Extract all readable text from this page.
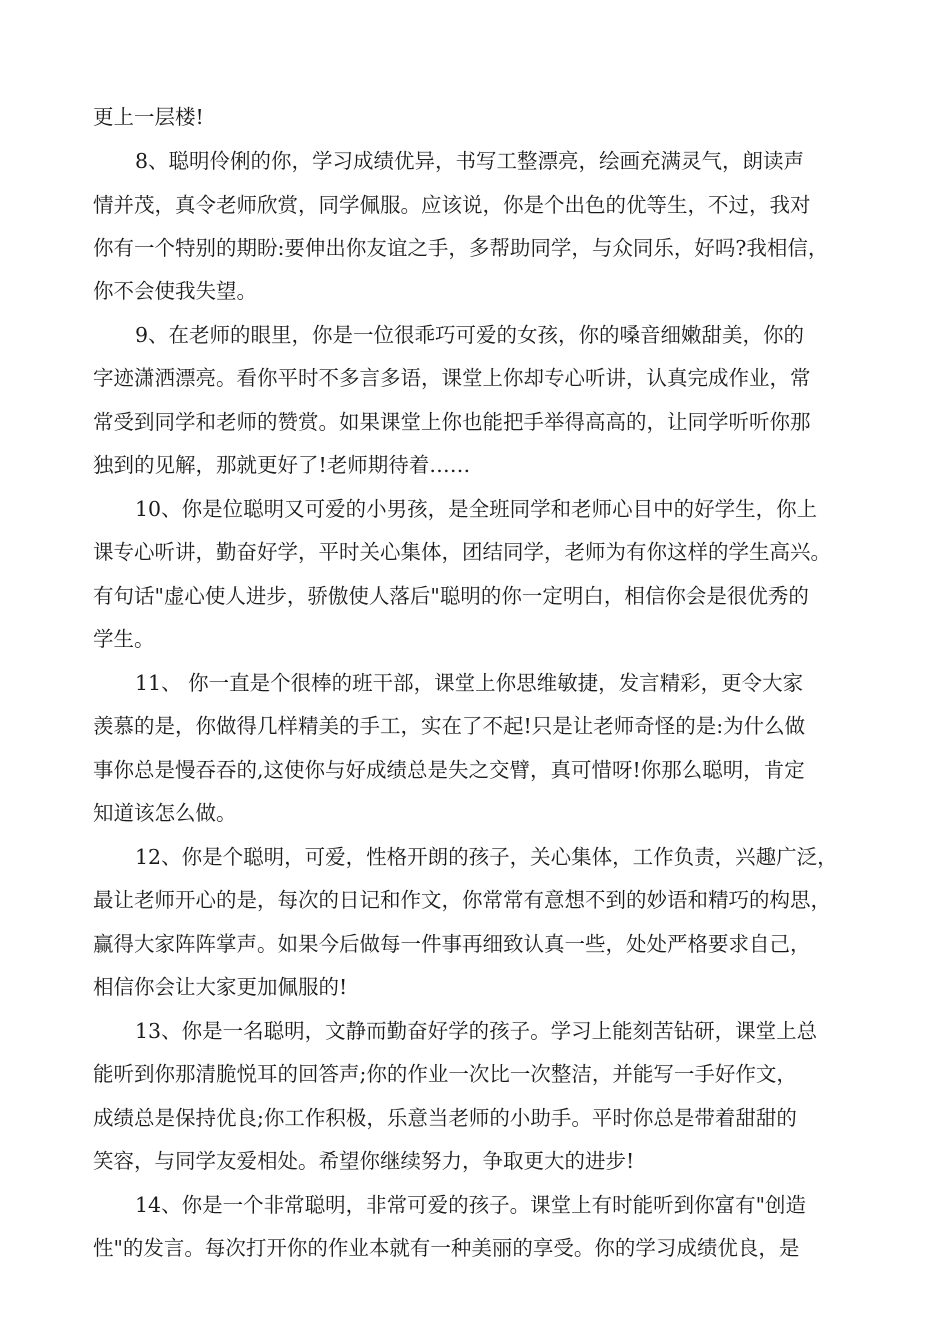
更上一层楼!
8、聪明伶俐的你，学习成绩优异，书写工整漂亮，绘画充满灵气，朗读声
情并茂，真令老师欣赏，同学佩服。应该说，你是个出色的优等生，不过，我对
你有一个特别的期盼:要伸出你友谊之手，多帮助同学，与众同乐，好吗?我相信，
你不会使我失望。
9、在老师的眼里，你是一位很乖巧可爱的女孩，你的嗓音细嫩甜美，你的
字迹潇洒漂亮。看你平时不多言多语，课堂上你却专心听讲，认真完成作业，常
常受到同学和老师的赞赏。如果课堂上你也能把手举得高高的，让同学听听你那
独到的见解，那就更好了!老师期待着……
10、你是位聪明又可爱的小男孩，是全班同学和老师心目中的好学生，你上
课专心听讲，勤奋好学，平时关心集体，团结同学，老师为有你这样的学生高兴。
有句话"虚心使人进步，骄傲使人落后"聪明的你一定明白，相信你会是很优秀的
学生。
11、 你一直是个很棒的班干部，课堂上你思维敏捷，发言精彩，更令大家
羡慕的是，你做得几样精美的手工，实在了不起!只是让老师奇怪的是:为什么做
事你总是慢吞吞的,这使你与好成绩总是失之交臂，真可惜呀!你那么聪明，肯定
知道该怎么做。
12、你是个聪明，可爱，性格开朗的孩子，关心集体，工作负责，兴趣广泛，
最让老师开心的是，每次的日记和作文，你常常有意想不到的妙语和精巧的构思，
赢得大家阵阵掌声。如果今后做每一件事再细致认真一些，处处严格要求自己，
相信你会让大家更加佩服的!
13、你是一名聪明，文静而勤奋好学的孩子。学习上能刻苦钻研，课堂上总
能听到你那清脆悦耳的回答声;你的作业一次比一次整洁，并能写一手好作文，
成绩总是保持优良;你工作积极，乐意当老师的小助手。平时你总是带着甜甜的
笑容，与同学友爱相处。希望你继续努力，争取更大的进步!
14、你是一个非常聪明，非常可爱的孩子。课堂上有时能听到你富有"创造
性"的发言。每次打开你的作业本就有一种美丽的享受。你的学习成绩优良，是
